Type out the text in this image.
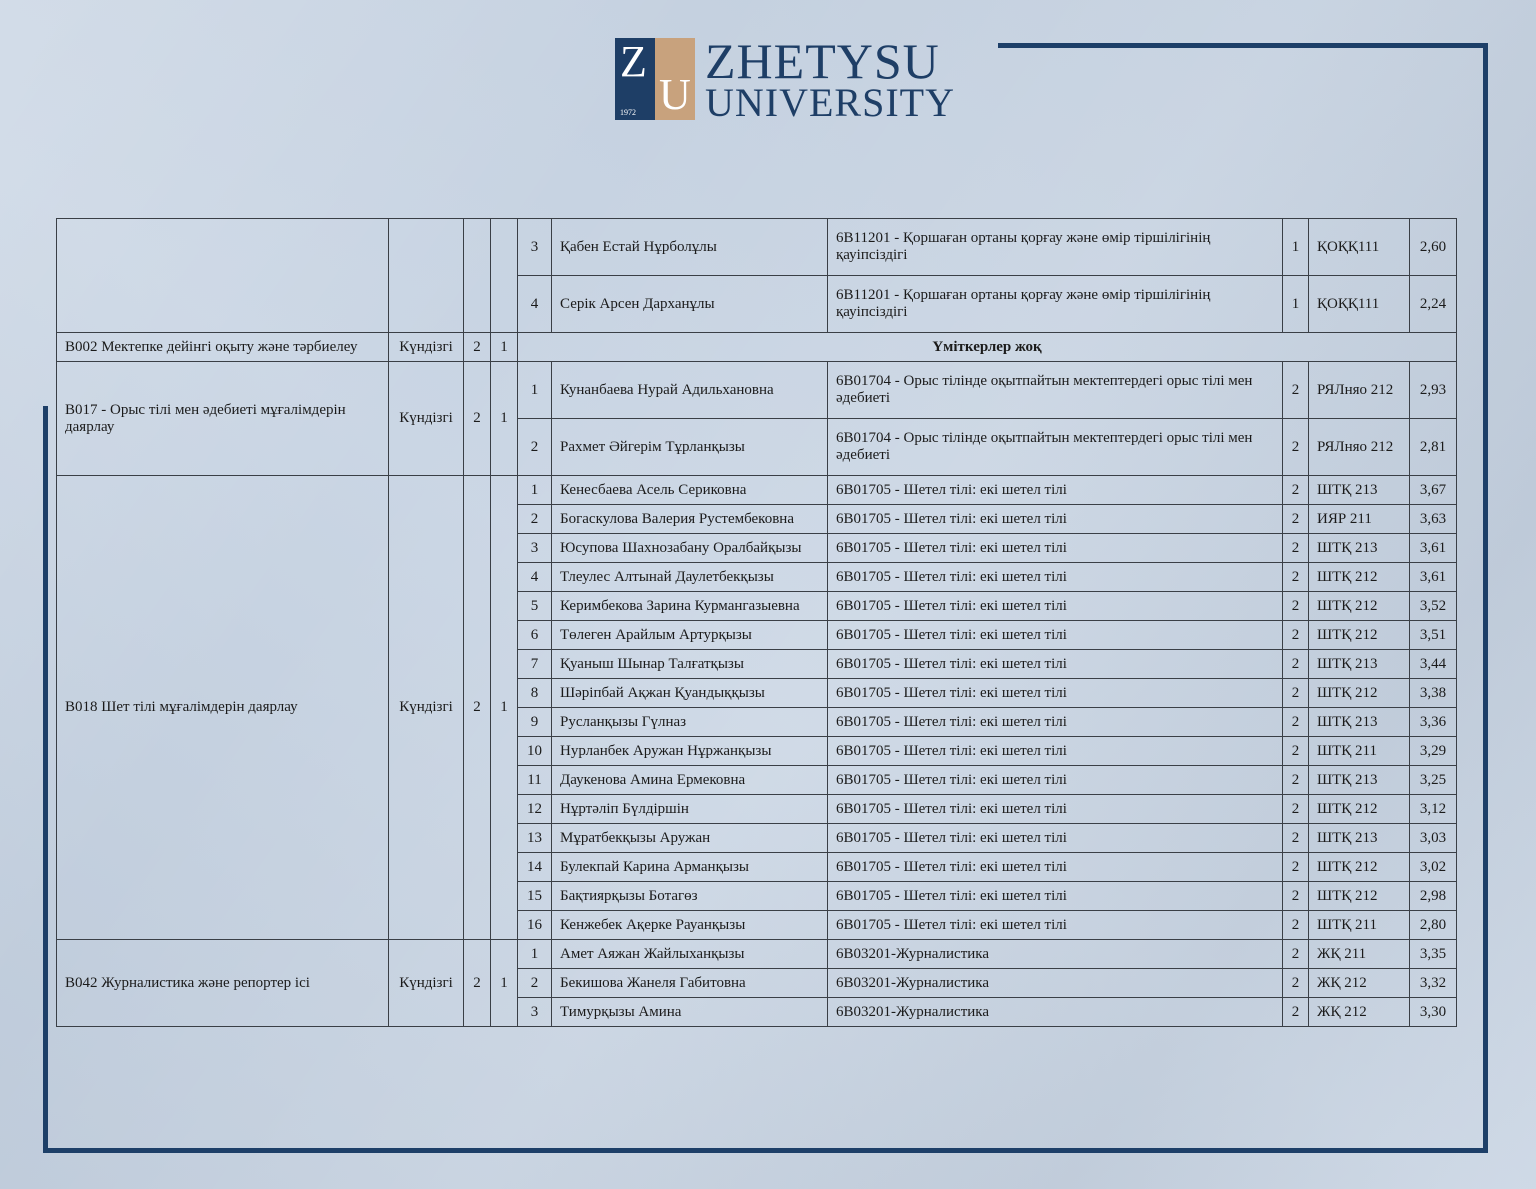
Z
U
1972
ZHETYSU
UNIVERSITY
				3	Қабен Естай Нұрболұлы	6В11201 - Қоршаған ортаны қорғау және өмір тіршілігінің қауіпсіздігі	1	ҚОҚҚ111	2,60
				4	Серік Арсен Дарханұлы	6В11201 - Қоршаған ортаны қорғау және өмір тіршілігінің қауіпсіздігі	1	ҚОҚҚ111	2,24
В002 Мектепке дейінгі оқыту және тәрбиелеу	Күндізгі	2	1	Үміткерлер жоқ					
В017 - Орыс тілі мен әдебиеті мұғалімдерін даярлау	Күндізгі	2	1	1	Кунанбаева Нурай Адильхановна	6В01704 - Орыс тілінде оқытпайтын мектептердегі орыс тілі мен әдебиеті	2	РЯЛняо 212	2,93
				2	Рахмет Әйгерім Тұрланқызы	6В01704 - Орыс тілінде оқытпайтын мектептердегі орыс тілі мен әдебиеті	2	РЯЛняо 212	2,81
В018 Шет тілі мұғалімдерін даярлау	Күндізгі	2	1	1	Кенесбаева Асель Сериковна	6В01705 - Шетел тілі: екі шетел тілі	2	ШТҚ 213	3,67
				2	Богаскулова Валерия Рустембековна	6В01705 - Шетел тілі: екі шетел тілі	2	ИЯР 211	3,63
				3	Юсупова Шахнозабану Оралбайқызы	6В01705 - Шетел тілі: екі шетел тілі	2	ШТҚ 213	3,61
				4	Тлеулес Алтынай Даулетбекқызы	6В01705 - Шетел тілі: екі шетел тілі	2	ШТҚ 212	3,61
				5	Керимбекова Зарина Курмангазыевна	6В01705 - Шетел тілі: екі шетел тілі	2	ШТҚ 212	3,52
				6	Төлеген Арайлым Артурқызы	6В01705 - Шетел тілі: екі шетел тілі	2	ШТҚ 212	3,51
				7	Қуаныш Шынар Талғатқызы	6В01705 - Шетел тілі: екі шетел тілі	2	ШТҚ 213	3,44
				8	Шәріпбай Ақжан Қуандыққызы	6В01705 - Шетел тілі: екі шетел тілі	2	ШТҚ 212	3,38
				9	Русланқызы Гүлназ	6В01705 - Шетел тілі: екі шетел тілі	2	ШТҚ 213	3,36
				10	Нурланбек Аружан Нұржанқызы	6В01705 - Шетел тілі: екі шетел тілі	2	ШТҚ 211	3,29
				11	Даукенова Амина Ермековна	6В01705 - Шетел тілі: екі шетел тілі	2	ШТҚ 213	3,25
				12	Нұртәліп Бүлдіршін	6В01705 - Шетел тілі: екі шетел тілі	2	ШТҚ 212	3,12
				13	Мұратбекқызы Аружан	6В01705 - Шетел тілі: екі шетел тілі	2	ШТҚ 213	3,03
				14	Булекпай Карина Арманқызы	6В01705 - Шетел тілі: екі шетел тілі	2	ШТҚ 212	3,02
				15	Бақтиярқызы Ботагөз	6В01705 - Шетел тілі: екі шетел тілі	2	ШТҚ 212	2,98
				16	Кенжебек Ақерке Рауанқызы	6В01705 - Шетел тілі: екі шетел тілі	2	ШТҚ 211	2,80
В042 Журналистика және репортер ісі	Күндізгі	2	1	1	Амет Аяжан Жайлыханқызы	6В03201-Журналистика	2	ЖҚ 211	3,35
				2	Бекишова Жанеля Габитовна	6В03201-Журналистика	2	ЖҚ 212	3,32
				3	Тимурқызы Амина	6В03201-Журналистика	2	ЖҚ 212	3,30
